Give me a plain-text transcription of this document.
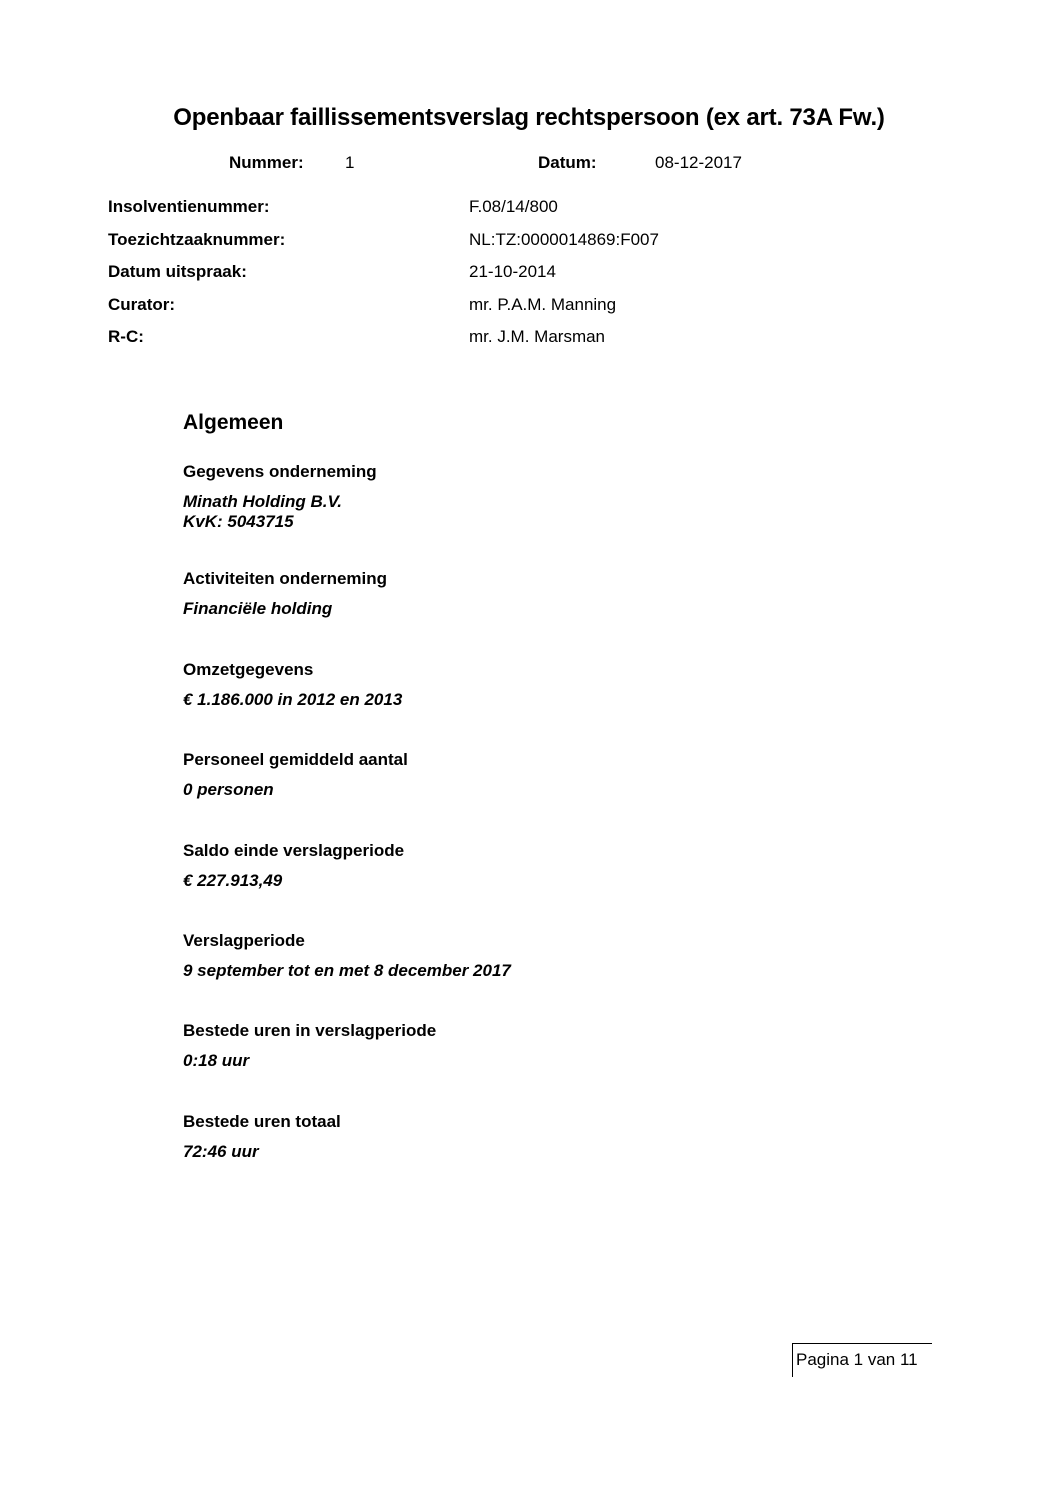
Openbaar faillissementsverslag rechtspersoon (ex art. 73A Fw.)
Nummer: 1	Datum:	08-12-2017
Insolventienummer:	F.08/14/800
Toezichtzaaknummer:	NL:TZ:0000014869:F007
Datum uitspraak:	21-10-2014
Curator:	mr. P.A.M. Manning
R-C:	mr. J.M. Marsman
Algemeen
Gegevens onderneming
Minath Holding B.V.
KvK: 5043715
Activiteiten onderneming
Financiële holding
Omzetgegevens
€ 1.186.000 in 2012 en 2013
Personeel gemiddeld aantal
0 personen
Saldo einde verslagperiode
€ 227.913,49
Verslagperiode
9 september tot en met 8 december 2017
Bestede uren in verslagperiode
0:18 uur
Bestede uren totaal
72:46 uur
Pagina 1 van 11
